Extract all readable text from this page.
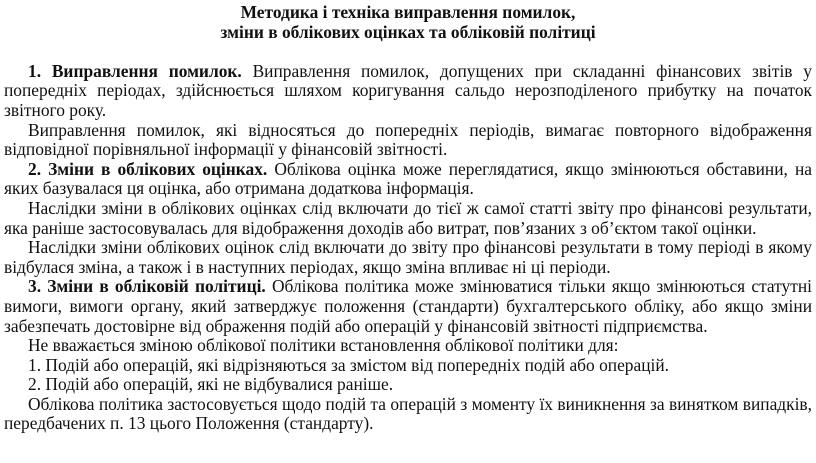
Методика і техніка виправлення помилок,
зміни в облікових оцінках та обліковій політиці

1. Виправлення помилок. Виправлення помилок, допущених при складанні фінансових звітів у попередніх періодах, здійснюється шляхом коригування сальдо нерозподіленого прибутку на початок звітного року.

Виправлення помилок, які відносяться до попередніх періодів, вимагає повторного відображення відповідної порівняльної інформації у фінансовій звітності.

2. Зміни в облікових оцінках. Облікова оцінка може переглядатися, якщо змінюються обставини, на яких базувалася ця оцінка, або отримана додаткова інформація.

Наслідки зміни в облікових оцінках слід включати до тієї ж самої статті звіту про фінансові результати, яка раніше застосовувалась для відображення доходів або витрат, пов’язаних з об’єктом такої оцінки.

Наслідки зміни облікових оцінок слід включати до звіту про фінансові результати в тому періоді в якому відбулася зміна, а також і в наступних періодах, якщо зміна впливає ні ці періоди.

3. Зміни в обліковій політиці. Облікова політика може змінюватися тільки якщо змінюються статутні вимоги, вимоги органу, який затверджує положення (стандарти) бухгалтерського обліку, або якщо зміни забезпечать достовірне від ображення подій або операцій у фінансовій звітності підприємства.

Не вважається зміною облікової політики встановлення облікової політики для:

1. Подій або операцій, які відрізняються за змістом від попередніх подій або операцій.

2. Подій або операцій, які не відбувалися раніше.

Облікова політика застосовується щодо подій та операцій з моменту їх виникнення за винятком випадків, передбачених п. 13 цього Положення (стандарту).
